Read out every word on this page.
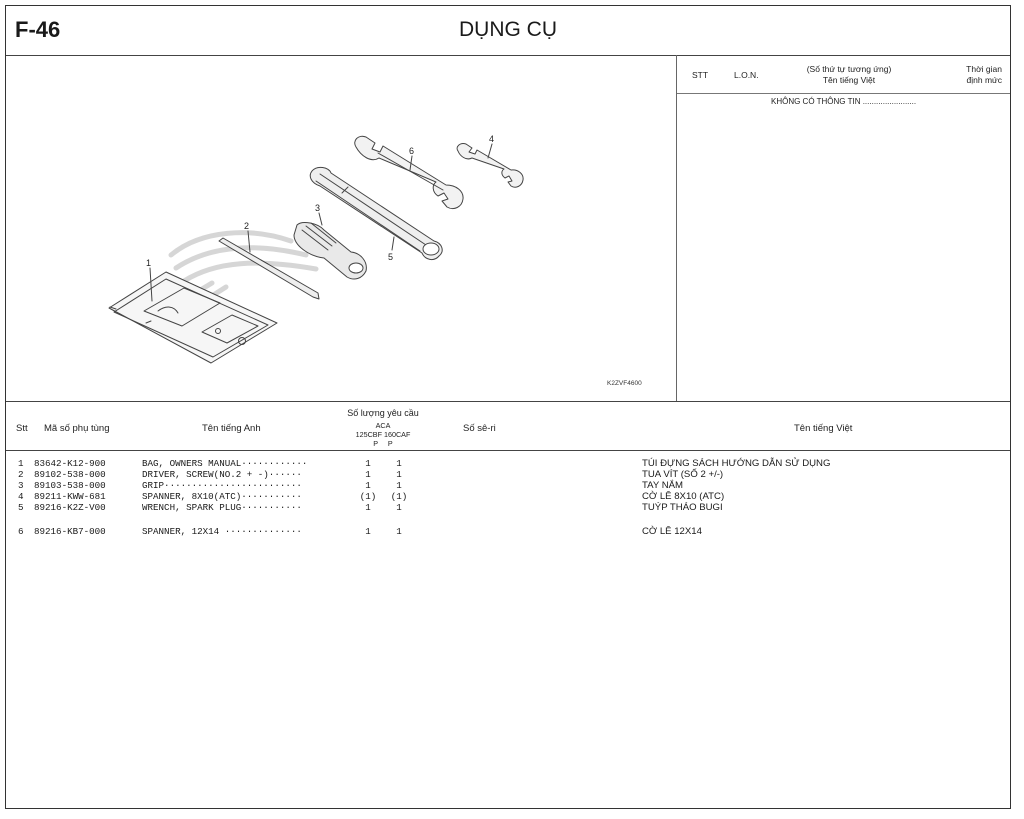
F-46	DỤNG CỤ
1
2
3
4
5
6
K2ZVF4600
STT	L.O.N.
(Số thứ tự tương ứng)
Tên tiếng Việt
Thời gian
định mức
KHÔNG CÓ THÔNG TIN ........................
Stt Mã số phụ tùng	Tên tiếng Anh
Số lượng yêu cầu
ACA
125CBF 160CAF
P     P
Số sê-ri	Tên tiếng Việt
1 83642-K12-900	BAG, OWNERS MANUAL············	1	1	TÚI ĐỰNG SÁCH HƯỚNG DẪN SỬ DỤNG
2 89102-538-000	DRIVER, SCREW(NO.2 + -)······	1	1	TUA VÍT (SỐ 2 +/-)
3 89103-538-000	GRIP·························	1	1	TAY NẮM
4 89211-KWW-681	SPANNER, 8X10(ATC)···········	(1)	(1)	CỜ LÊ 8X10 (ATC)
5 89216-K2Z-V00	WRENCH, SPARK PLUG···········	1	1	TUÝP THÁO BUGI
6 89216-KB7-000	SPANNER, 12X14 ··············	1	1	CỜ LÊ 12X14
